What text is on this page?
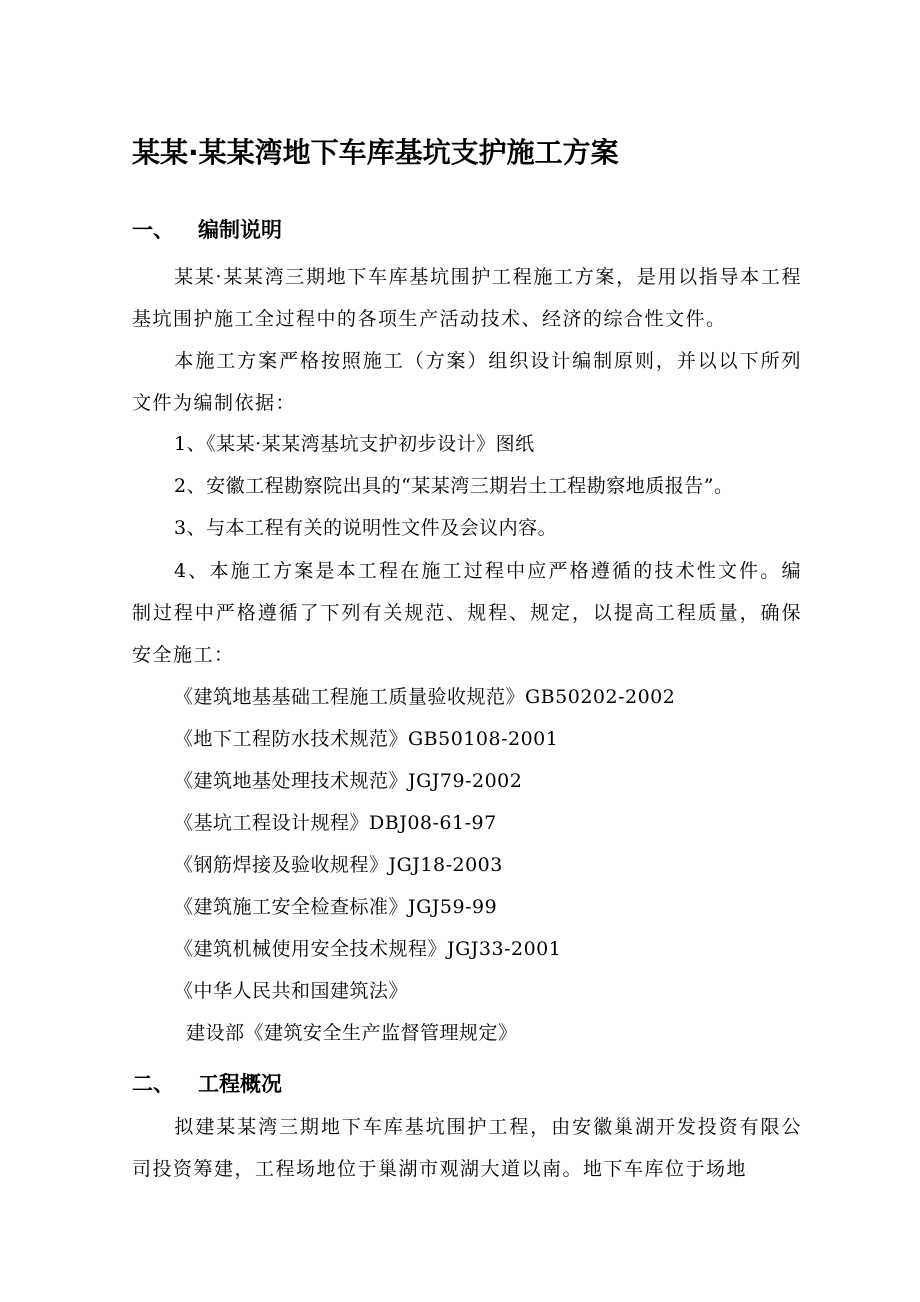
某某·某某湾地下车库基坑支护施工方案
一、 编制说明
某某·某某湾三期地下车库基坑围护工程施工方案，是用以指导本工程基坑围护施工全过程中的各项生产活动技术、经济的综合性文件。
本施工方案严格按照施工（方案）组织设计编制原则，并以以下所列文件为编制依据：
1、《某某·某某湾基坑支护初步设计》图纸
2、安徽工程勘察院出具的“某某湾三期岩土工程勘察地质报告”。
3、与本工程有关的说明性文件及会议内容。
4、本施工方案是本工程在施工过程中应严格遵循的技术性文件。编制过程中严格遵循了下列有关规范、规程、规定，以提高工程质量，确保安全施工：
《建筑地基基础工程施工质量验收规范》GB50202-2002
《地下工程防水技术规范》GB50108-2001
《建筑地基处理技术规范》JGJ79-2002
《基坑工程设计规程》DBJ08-61-97
《钢筋焊接及验收规程》JGJ18-2003
《建筑施工安全检查标准》JGJ59-99
《建筑机械使用安全技术规程》JGJ33-2001
《中华人民共和国建筑法》
建设部《建筑安全生产监督管理规定》
二、 工程概况
拟建某某湾三期地下车库基坑围护工程，由安徽巢湖开发投资有限公司投资筹建，工程场地位于巢湖市观湖大道以南。地下车库位于场地
